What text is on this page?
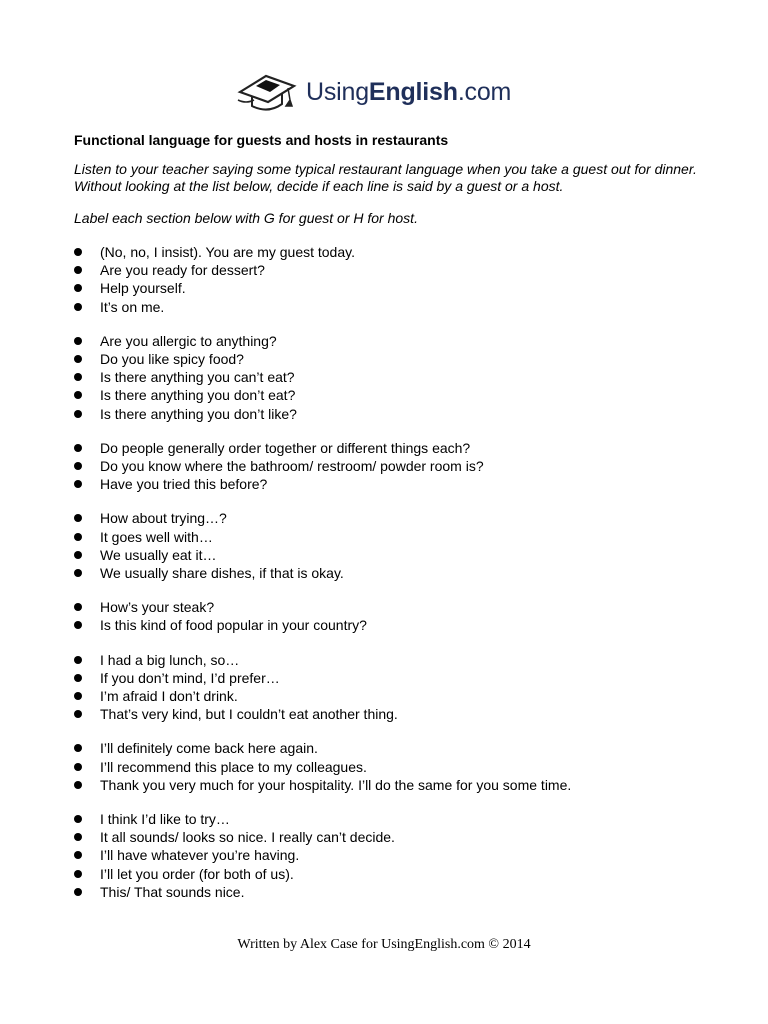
UsingEnglish.com
Functional language for guests and hosts in restaurants
Listen to your teacher saying some typical restaurant language when you take a guest out for dinner. Without looking at the list below, decide if each line is said by a guest or a host.
Label each section below with G for guest or H for host.
(No, no, I insist). You are my guest today.
Are you ready for dessert?
Help yourself.
It’s on me.
Are you allergic to anything?
Do you like spicy food?
Is there anything you can’t eat?
Is there anything you don’t eat?
Is there anything you don’t like?
Do people generally order together or different things each?
Do you know where the bathroom/ restroom/ powder room is?
Have you tried this before?
How about trying…?
It goes well with…
We usually eat it…
We usually share dishes, if that is okay.
How’s your steak?
Is this kind of food popular in your country?
I had a big lunch, so…
If you don’t mind, I’d prefer…
I’m afraid I don’t drink.
That’s very kind, but I couldn’t eat another thing.
I’ll definitely come back here again.
I’ll recommend this place to my colleagues.
Thank you very much for your hospitality. I’ll do the same for you some time.
I think I’d like to try…
It all sounds/ looks so nice. I really can’t decide.
I’ll have whatever you’re having.
I’ll let you order (for both of us).
This/ That sounds nice.
Written by Alex Case for UsingEnglish.com © 2014
